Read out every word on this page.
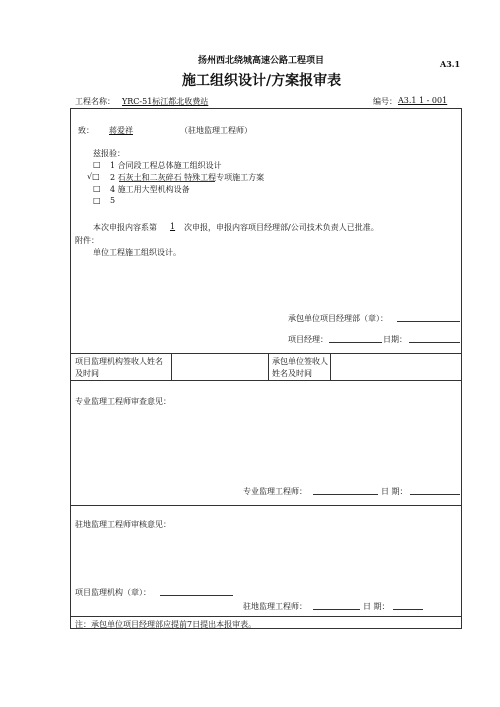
扬州西北绕城高速公路工程项目	A3.1
施工组织设计/方案报审表
工程名称： YRC-51标江都北收费站	编号： A3.1 1 - 001
致：	蒋爱祥	（驻地监理工程师）
兹报验：
□ 1 合同段工程总体施工组织设计
√□ 2 石灰土和二灰碎石 特殊工程专项施工方案
□ 4 施工用大型机构设备
□ 5
本次申报内容系第	1	次申报，申报内容项目经理部/公司技术负责人已批准。
附件：
单位工程施工组织设计。
承包单位项目经理部（章）：
项目经理：	日期：
项目监理机构签收人姓名及时间
承包单位签收人姓名及时间
专业监理工程师审查意见：
专业监理工程师：	日 期：
驻地监理工程师审核意见：
项目监理机构（章）：
驻地监理工程师：	日 期：
注：承包单位项目经理部应提前7日提出本报审表。
